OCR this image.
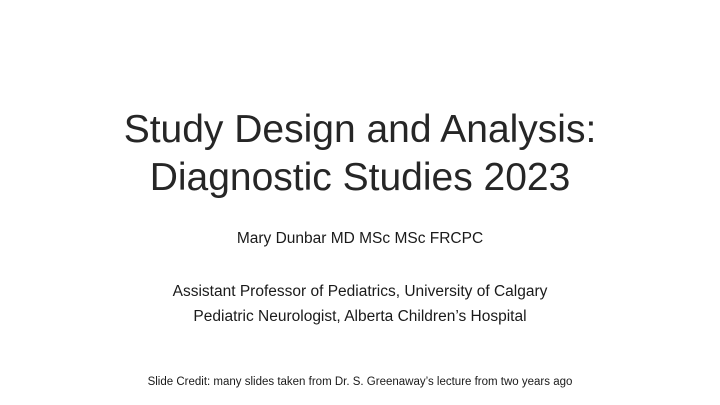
Study Design and Analysis:
Diagnostic Studies 2023
Mary Dunbar MD MSc MSc FRCPC
Assistant Professor of Pediatrics, University of Calgary
Pediatric Neurologist, Alberta Children’s Hospital
Slide Credit: many slides taken from Dr. S. Greenaway’s lecture from two years ago
